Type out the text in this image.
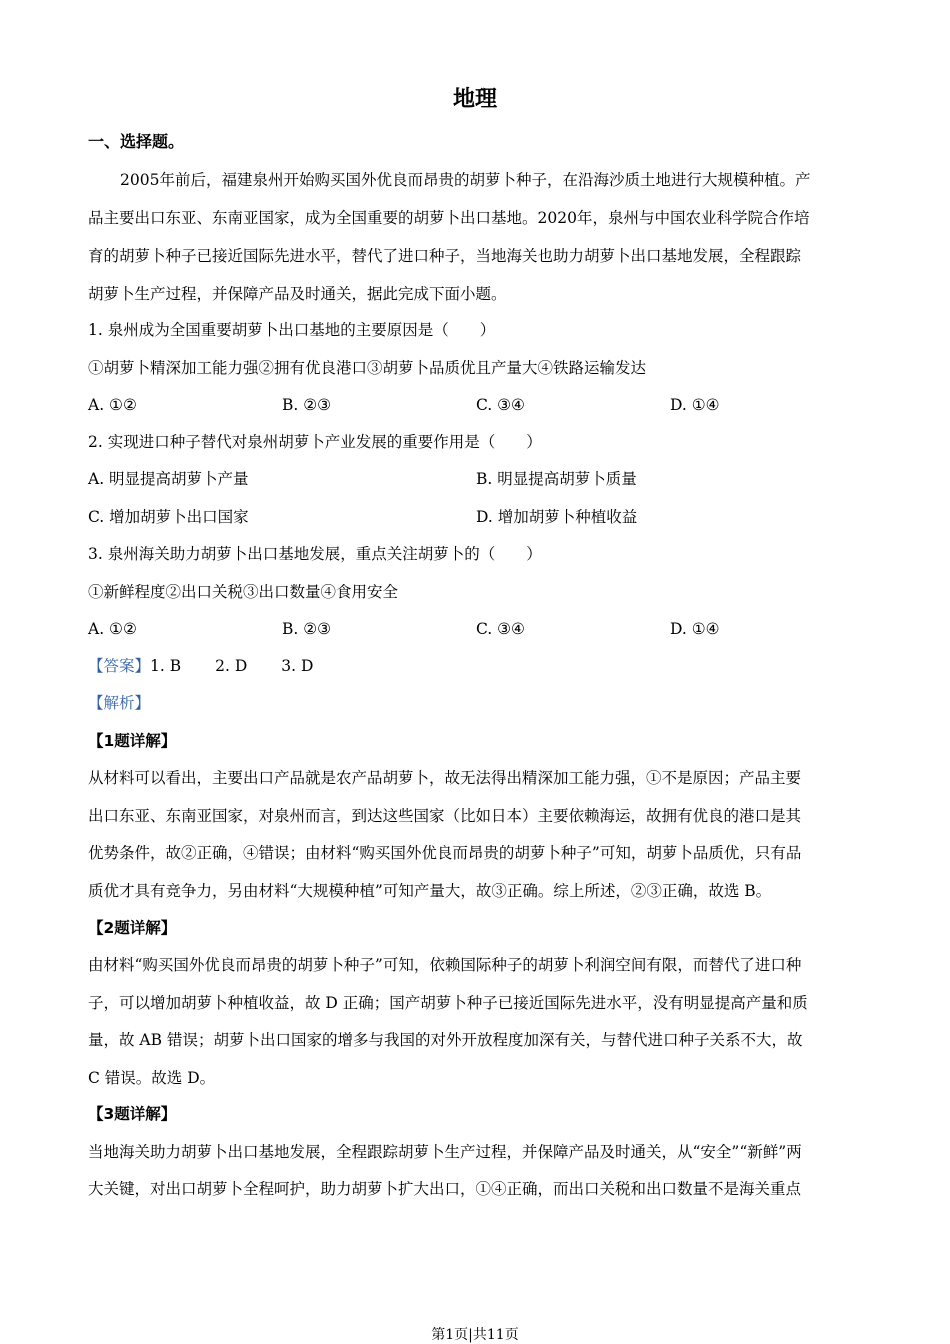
地理
一、选择题。
2005年前后，福建泉州开始购买国外优良而昂贵的胡萝卜种子，在沿海沙质土地进行大规模种植。产
品主要出口东亚、东南亚国家，成为全国重要的胡萝卜出口基地。2020年，泉州与中国农业科学院合作培
育的胡萝卜种子已接近国际先进水平，替代了进口种子，当地海关也助力胡萝卜出口基地发展，全程跟踪
胡萝卜生产过程，并保障产品及时通关，据此完成下面小题。
1. 泉州成为全国重要胡萝卜出口基地的主要原因是（　　）
①胡萝卜精深加工能力强②拥有优良港口③胡萝卜品质优且产量大④铁路运输发达
A. ①②	B. ②③	C. ③④	D. ①④
2. 实现进口种子替代对泉州胡萝卜产业发展的重要作用是（　　）
A. 明显提高胡萝卜产量	B. 明显提高胡萝卜质量
C. 增加胡萝卜出口国家	D. 增加胡萝卜种植收益
3. 泉州海关助力胡萝卜出口基地发展，重点关注胡萝卜的（　　）
①新鲜程度②出口关税③出口数量④食用安全
A. ①②	B. ②③	C. ③④	D. ①④
【答案】1. B 2. D 3. D
【解析】
【1题详解】
从材料可以看出，主要出口产品就是农产品胡萝卜，故无法得出精深加工能力强，①不是原因；产品主要
出口东亚、东南亚国家，对泉州而言，到达这些国家（比如日本）主要依赖海运，故拥有优良的港口是其
优势条件，故②正确，④错误；由材料“购买国外优良而昂贵的胡萝卜种子”可知，胡萝卜品质优，只有品
质优才具有竞争力，另由材料“大规模种植”可知产量大，故③正确。综上所述，②③正确，故选 B。
【2题详解】
由材料“购买国外优良而昂贵的胡萝卜种子”可知，依赖国际种子的胡萝卜利润空间有限，而替代了进口种
子，可以增加胡萝卜种植收益，故 D 正确；国产胡萝卜种子已接近国际先进水平，没有明显提高产量和质
量，故 AB 错误；胡萝卜出口国家的增多与我国的对外开放程度加深有关，与替代进口种子关系不大，故
C 错误。故选 D。
【3题详解】
当地海关助力胡萝卜出口基地发展，全程跟踪胡萝卜生产过程，并保障产品及时通关，从“安全”“新鲜”两
大关键，对出口胡萝卜全程呵护，助力胡萝卜扩大出口，①④正确，而出口关税和出口数量不是海关重点
第1页|共11页
